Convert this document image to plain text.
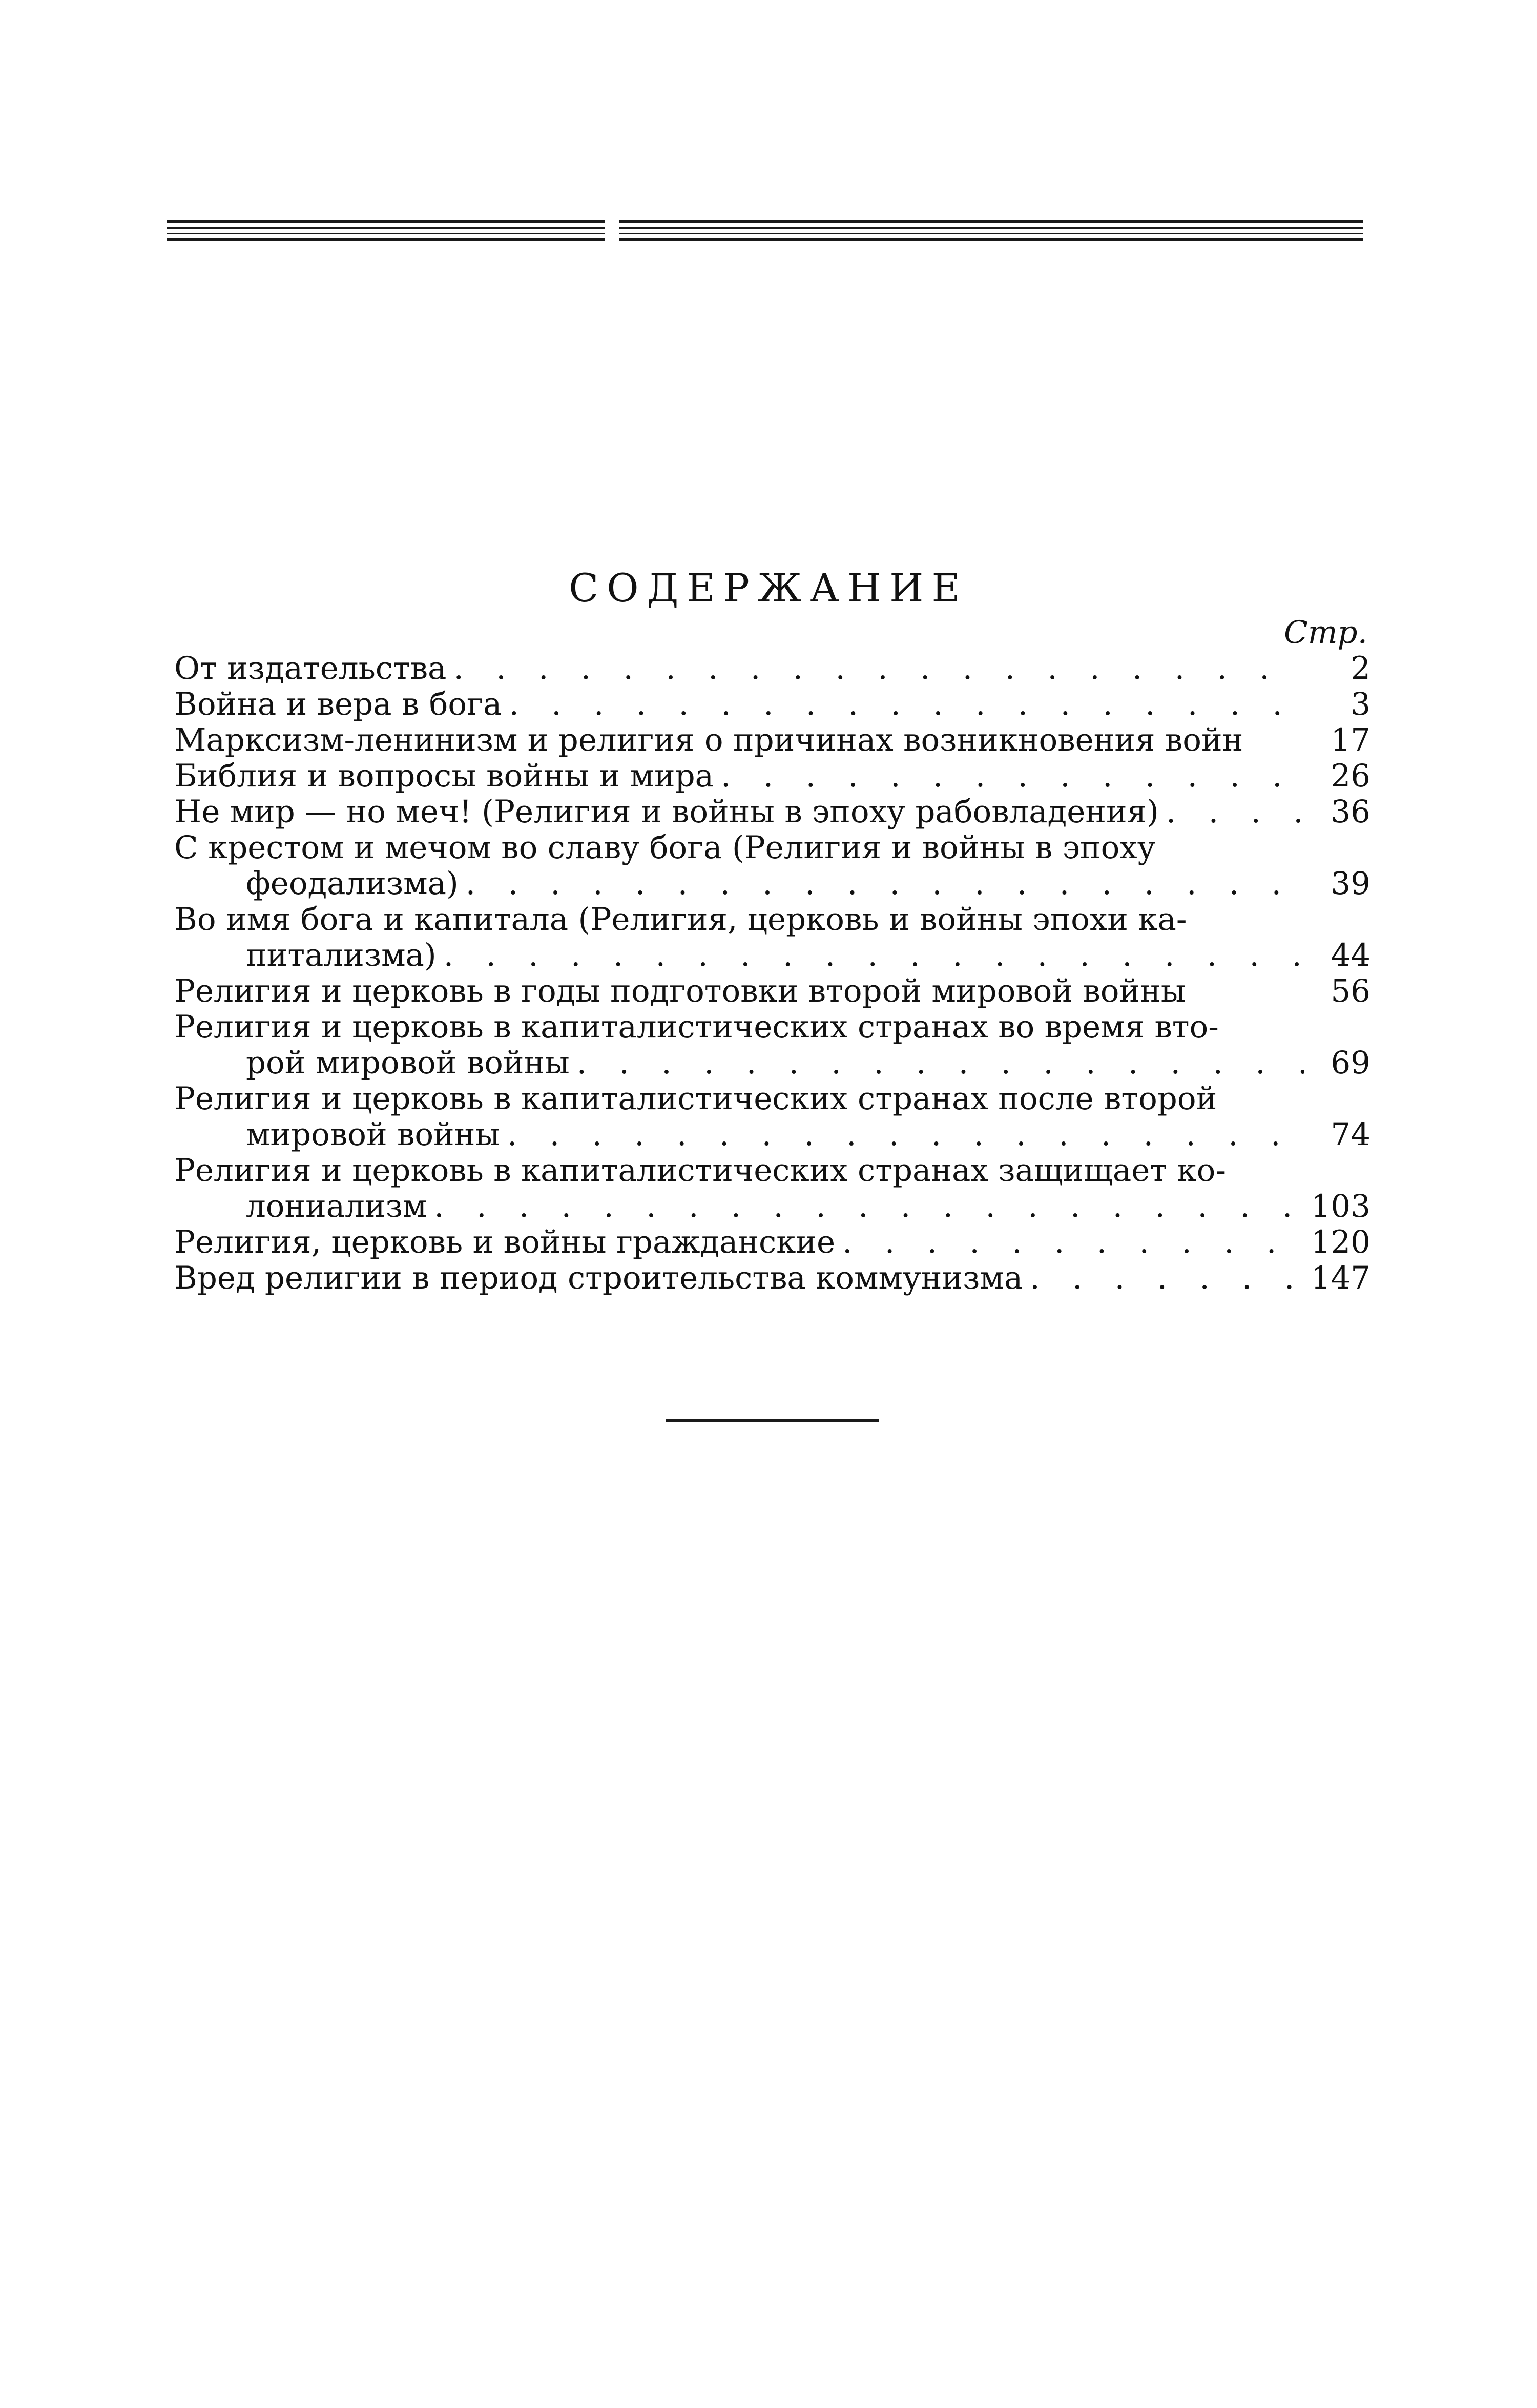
СОДЕРЖАНИЕ
Стр.
От издательства . . .	2
Война и вера в бога . . .	3
Марксизм-ленинизм и религия о причинах возникновения войн	17
Библия и вопросы войны и мира . . .	26
Не мир — но меч! (Религия и войны в эпоху рабовладения) . . .	36
С крестом и мечом во славу бога (Религия и войны в эпоху
феодализма) . . .	39
Во имя бога и капитала (Религия, церковь и войны эпохи ка-
питализма) . . .	44
Религия и церковь в годы подготовки второй мировой войны	56
Религия и церковь в капиталистических странах во время вто-
рой мировой войны . . .	69
Религия и церковь в капиталистических странах после второй
мировой войны . . .	74
Религия и церковь в капиталистических странах защищает ко-
лониализм . . .	103
Религия, церковь и войны гражданские . . .	120
Вред религии в период строительства коммунизма . . .	147
